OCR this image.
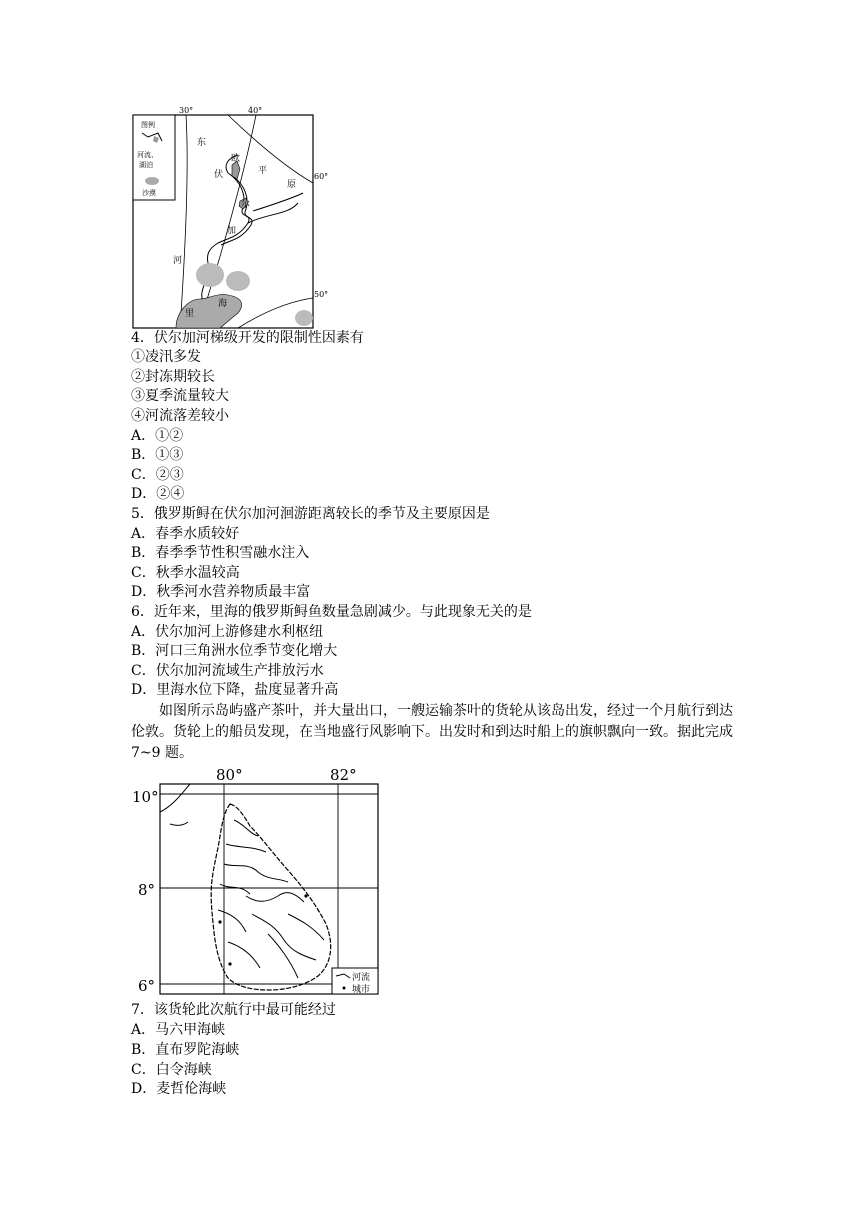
30°	40°
60°
50°
图例
河流、湖泊
沙漠
东
欧
平
原
伏
尔
加
河
里
海
4．伏尔加河梯级开发的限制性因素有
①凌汛多发
②封冻期较长
③夏季流量较大
④河流落差较小
A．①②
B．①③
C．②③
D．②④
5．俄罗斯鲟在伏尔加河洄游距离较长的季节及主要原因是
A．春季水质较好
B．春季季节性积雪融水注入
C．秋季水温较高
D．秋季河水营养物质最丰富
6．近年来，里海的俄罗斯鲟鱼数量急剧减少。与此现象无关的是
A．伏尔加河上游修建水利枢纽
B．河口三角洲水位季节变化增大
C．伏尔加河流域生产排放污水
D．里海水位下降，盐度显著升高
如图所示岛屿盛产茶叶，并大量出口，一艘运输茶叶的货轮从该岛出发，经过一个月航行到达伦敦。货轮上的船员发现，在当地盛行风影响下。出发时和到达时船上的旗帜飘向一致。据此完成 7~9 题。
80°	82°
10°
8°
6°	河流
城市
7．该货轮此次航行中最可能经过
A．马六甲海峡
B．直布罗陀海峡
C．白令海峡
D．麦哲伦海峡
